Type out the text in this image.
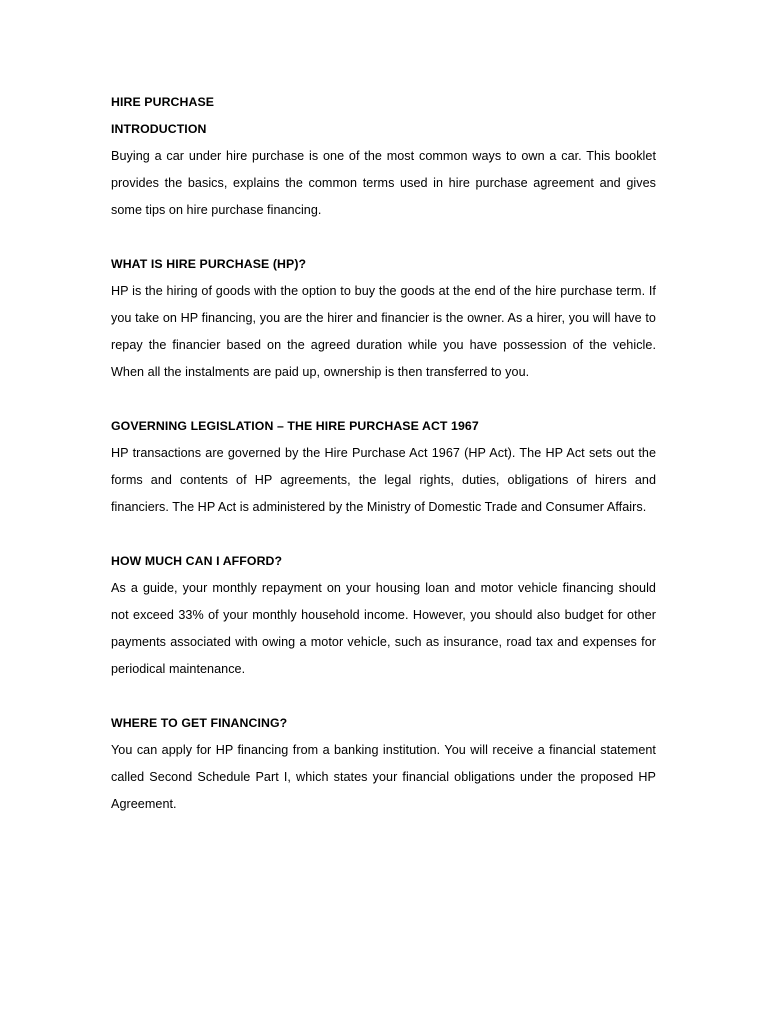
HIRE PURCHASE
INTRODUCTION

Buying a car under hire purchase is one of the most common ways to own a car. This booklet provides the basics, explains the common terms used in hire purchase agreement and gives some tips on hire purchase financing.

WHAT IS HIRE PURCHASE (HP)?

HP is the hiring of goods with the option to buy the goods at the end of the hire purchase term. If you take on HP financing, you are the hirer and financier is the owner. As a hirer, you will have to repay the financier based on the agreed duration while you have possession of the vehicle. When all the instalments are paid up, ownership is then transferred to you.

GOVERNING LEGISLATION – THE HIRE PURCHASE ACT 1967

HP transactions are governed by the Hire Purchase Act 1967 (HP Act). The HP Act sets out the forms and contents of HP agreements, the legal rights, duties, obligations of hirers and financiers. The HP Act is administered by the Ministry of Domestic Trade and Consumer Affairs.

HOW MUCH CAN I AFFORD?

As a guide, your monthly repayment on your housing loan and motor vehicle financing should not exceed 33% of your monthly household income. However, you should also budget for other payments associated with owing a motor vehicle, such as insurance, road tax and expenses for periodical maintenance.

WHERE TO GET FINANCING?

You can apply for HP financing from a banking institution. You will receive a financial statement called Second Schedule Part I, which states your financial obligations under the proposed HP Agreement.
